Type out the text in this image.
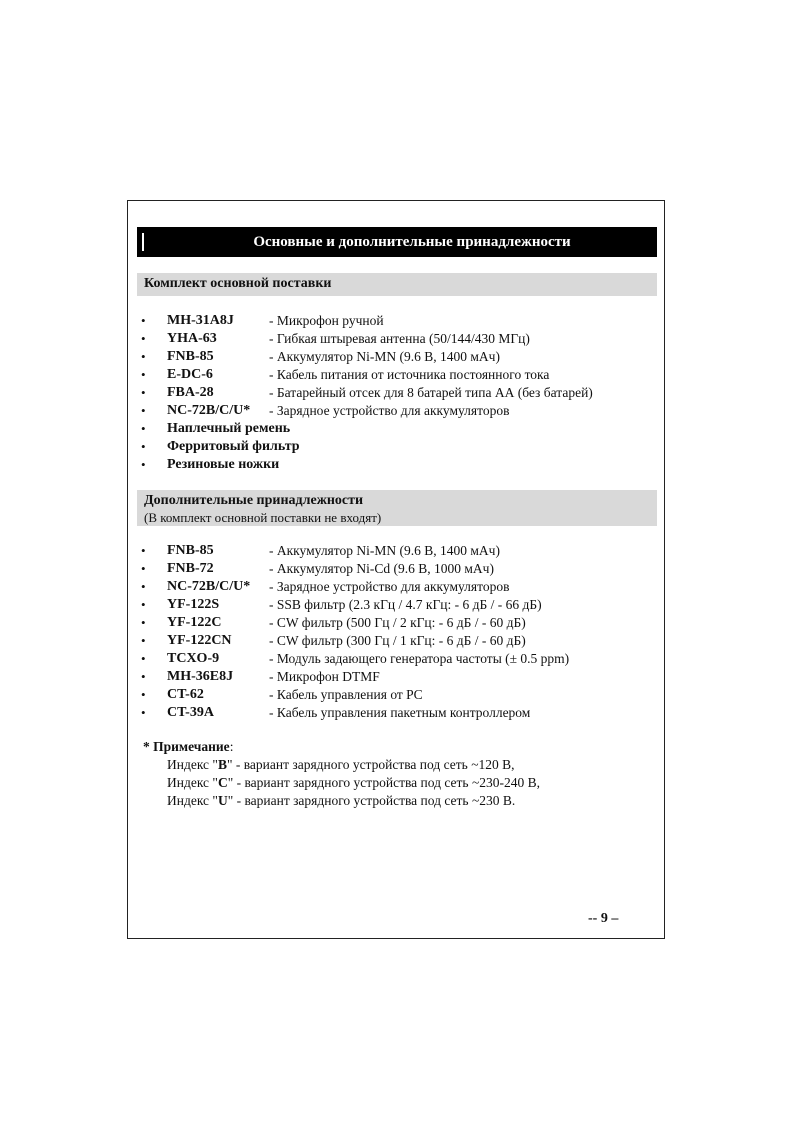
Основные и дополнительные принадлежности
Комплект основной поставки
•	MH-31A8J	- Микрофон ручной
•	YHA-63	- Гибкая штыревая антенна (50/144/430 МГц)
•	FNB-85	- Аккумулятор Ni-MN (9.6 В, 1400 мАч)
•	E-DC-6	- Кабель питания от источника постоянного тока
•	FBA-28	- Батарейный отсек для 8 батарей типа АА (без батарей)
•	NC-72B/C/U* - Зарядное устройство для аккумуляторов
•	Наплечный ремень
•	Ферритовый фильтр
•	Резиновые ножки
Дополнительные принадлежности
(В комплект основной поставки не входят)
•	FNB-85	- Аккумулятор Ni-MN (9.6 В, 1400 мАч)
•	FNB-72	- Аккумулятор Ni-Cd (9.6 В, 1000 мАч)
•	NC-72B/C/U* - Зарядное устройство для аккумуляторов
•	YF-122S	- SSB фильтр (2.3 кГц / 4.7 кГц: - 6 дБ / - 66 дБ)
•	YF-122C	- CW фильтр (500 Гц / 2 кГц: - 6 дБ / - 60 дБ)
•	YF-122CN	- CW фильтр (300 Гц / 1 кГц: - 6 дБ / - 60 дБ)
•	TCXO-9	- Модуль задающего генератора частоты (± 0.5 ppm)
•	MH-36E8J	- Микрофон DTMF
•	CT-62	- Кабель управления от PC
•	CT-39A	- Кабель управления пакетным контроллером
* Примечание:
Индекс "B" - вариант зарядного устройства под сеть ~120 В,
Индекс "C" - вариант зарядного устройства под сеть ~230-240 В,
Индекс "U" - вариант зарядного устройства под сеть ~230 В.
-- 9 –
